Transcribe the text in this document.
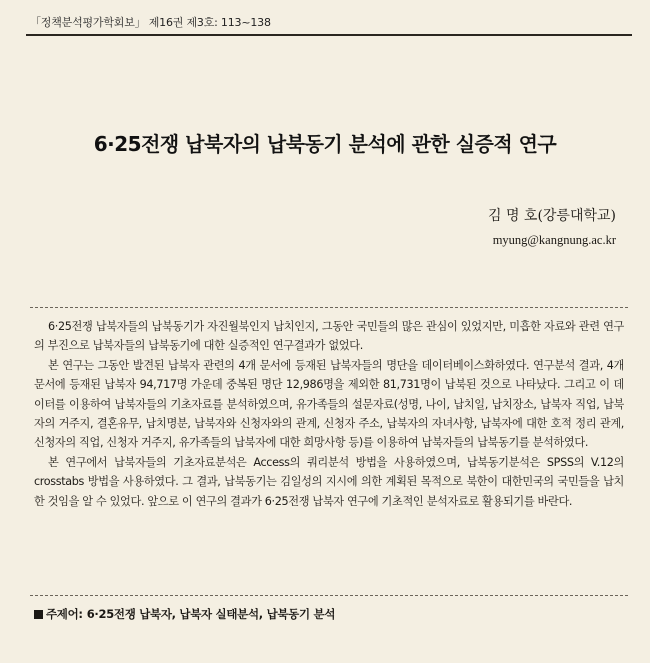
「정책분석평가학회보」 제16권 제3호: 113~138
6·25전쟁 납북자의 납북동기 분석에 관한 실증적 연구
김 명 호(강릉대학교)
myung@kangnung.ac.kr

6·25전쟁 납북자들의 납북동기가 자진월북인지 납치인지, 그동안 국민들의 많은 관심이 있었지만, 미흡한 자료와 관련 연구의 부진으로 납북자들의 납북동기에 대한 실증적인 연구결과가 없었다.

본 연구는 그동안 발견된 납북자 관련의 4개 문서에 등재된 납북자들의 명단을 데이터베이스화하였다. 연구분석 결과, 4개 문서에 등재된 납북자 94,717명 가운데 중복된 명단 12,986명을 제외한 81,731명이 납북된 것으로 나타났다. 그리고 이 데이터를 이용하여 납북자들의 기초자료를 분석하였으며, 유가족들의 설문자료(성명, 나이, 납치일, 납치장소, 납북자 직업, 납북자의 거주지, 결혼유무, 납치명분, 납북자와 신청자와의 관계, 신청자 주소, 납북자의 자녀사항, 납북자에 대한 호적 정리 관계, 신청자의 직업, 신청자 거주지, 유가족들의 납북자에 대한 희망사항 등)를 이용하여 납북자들의 납북동기를 분석하였다.

본 연구에서 납북자들의 기초자료분석은 Access의 쿼리분석 방법을 사용하였으며, 납북동기분석은 SPSS의 V.12의 crosstabs 방법을 사용하였다. 그 결과, 납북동기는 김일성의 지시에 의한 계획된 목적으로 북한이 대한민국의 국민들을 납치한 것임을 알 수 있었다. 앞으로 이 연구의 결과가 6·25전쟁 납북자 연구에 기초적인 분석자료로 활용되기를 바란다.

주제어: 6·25전쟁 납북자, 납북자 실태분석, 납북동기 분석
